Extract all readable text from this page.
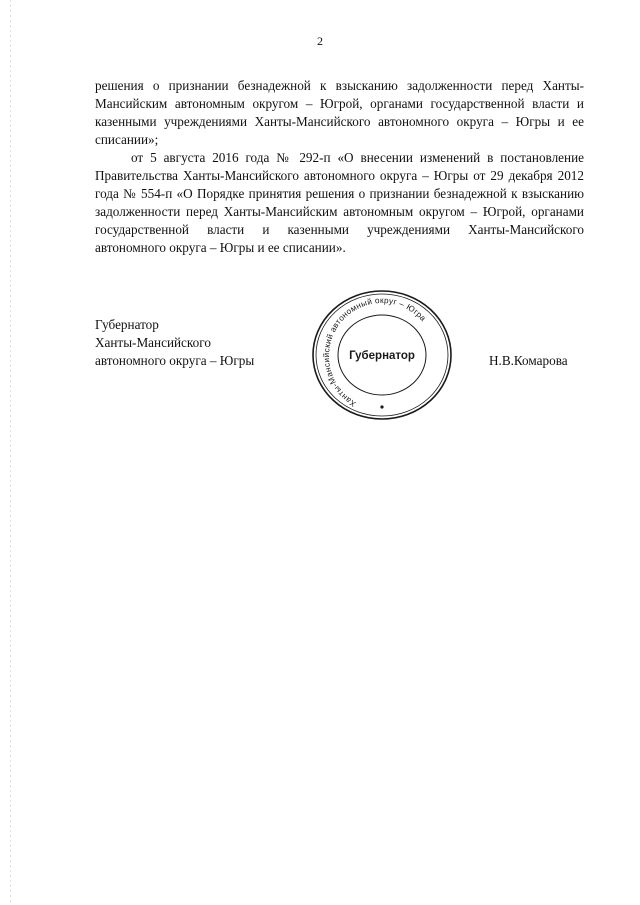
2

решения о признании безнадежной к взысканию задолженности перед Ханты-Мансийским автономным округом – Югрой, органами государственной власти и казенными учреждениями Ханты-Мансийского автономного округа – Югры и ее списании»;

от 5 августа 2016 года № 292-п «О внесении изменений в постановление Правительства Ханты-Мансийского автономного округа – Югры от 29 декабря 2012 года № 554-п «О Порядке принятия решения о признании безнадежной к взысканию задолженности перед Ханты-Мансийским автономным округом – Югрой, органами государственной власти и казенными учреждениями Ханты-Мансийского автономного округа – Югры и ее списании».

Губернатор
Ханты-Мансийского
автономного округа – Югры
Ханты-Мансийский автономный округ – Югра
Губернатор	Н.В.Комарова
